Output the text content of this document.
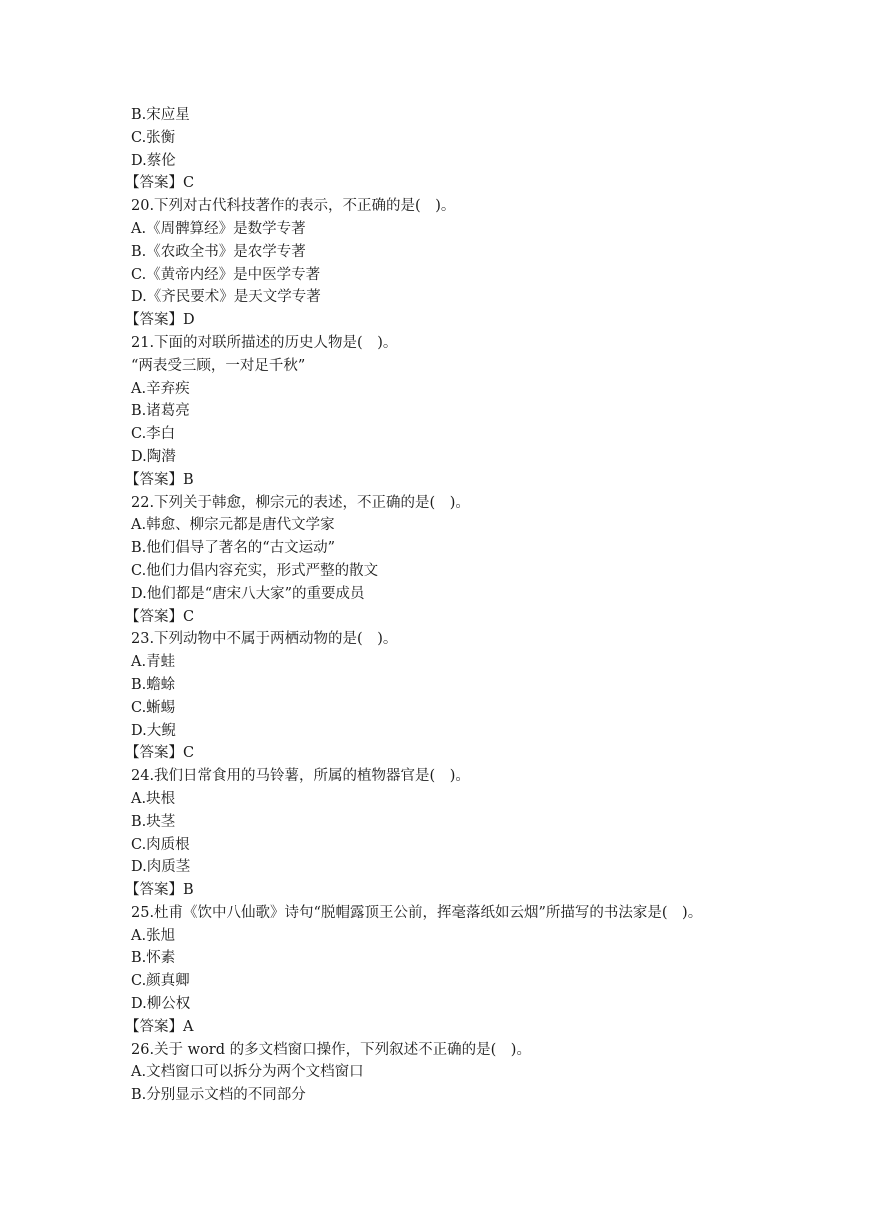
B.宋应星
C.张衡
D.蔡伦
【答案】C
20.下列对古代科技著作的表示，不正确的是(　)。
A.《周髀算经》是数学专著
B.《农政全书》是农学专著
C.《黄帝内经》是中医学专著
D.《齐民要术》是天文学专著
【答案】D
21.下面的对联所描述的历史人物是(　)。
“两表受三顾，一对足千秋”
A.辛弃疾
B.诸葛亮
C.李白
D.陶潜
【答案】B
22.下列关于韩愈，柳宗元的表述，不正确的是(　)。
A.韩愈、柳宗元都是唐代文学家
B.他们倡导了著名的“古文运动”
C.他们力倡内容充实，形式严整的散文
D.他们都是“唐宋八大家”的重要成员
【答案】C
23.下列动物中不属于两栖动物的是(　)。
A.青蛙
B.蟾蜍
C.蜥蜴
D.大鲵
【答案】C
24.我们日常食用的马铃薯，所属的植物器官是(　)。
A.块根
B.块茎
C.肉质根
D.肉质茎
【答案】B
25.杜甫《饮中八仙歌》诗句“脱帽露顶王公前，挥毫落纸如云烟”所描写的书法家是(　)。
A.张旭
B.怀素
C.颜真卿
D.柳公权
【答案】A
26.关于 word 的多文档窗口操作，下列叙述不正确的是(　)。
A.文档窗口可以拆分为两个文档窗口
B.分别显示文档的不同部分
